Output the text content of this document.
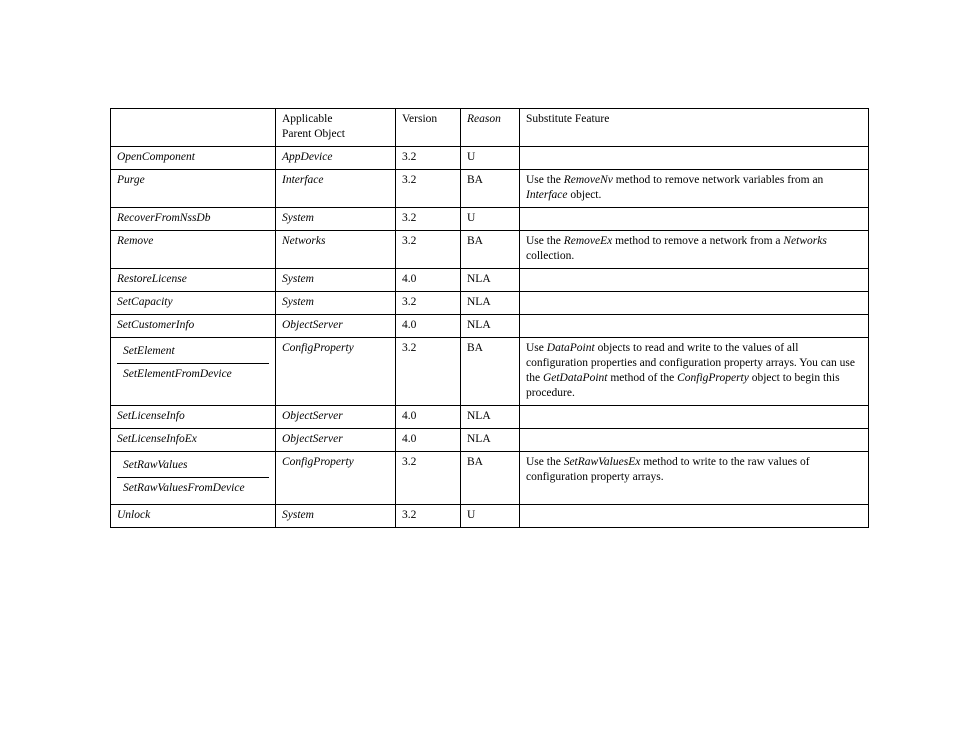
	Applicable
Parent Object	Version	Reason	Substitute Feature
OpenComponent	AppDevice	3.2	U	
Purge	Interface	3.2	BA	Use the RemoveNv method to remove network variables from an Interface object.
RecoverFromNssDb	System	3.2	U	
Remove	Networks	3.2	BA	Use the RemoveEx method to remove a network from a Networks collection.
RestoreLicense	System	4.0	NLA	
SetCapacity	System	3.2	NLA	
SetCustomerInfo	ObjectServer	4.0	NLA	

SetElement
SetElementFromDevice	ConfigProperty	3.2	BA	Use DataPoint objects to read and write to the values of all configuration properties and configuration property arrays. You can use the GetDataPoint method of the ConfigProperty object to begin this procedure.
SetLicenseInfo	ObjectServer	4.0	NLA	
SetLicenseInfoEx	ObjectServer	4.0	NLA	

SetRawValues
SetRawValuesFromDevice	ConfigProperty	3.2	BA	Use the SetRawValuesEx method to write to the raw values of configuration property arrays.
Unlock	System	3.2	U	
